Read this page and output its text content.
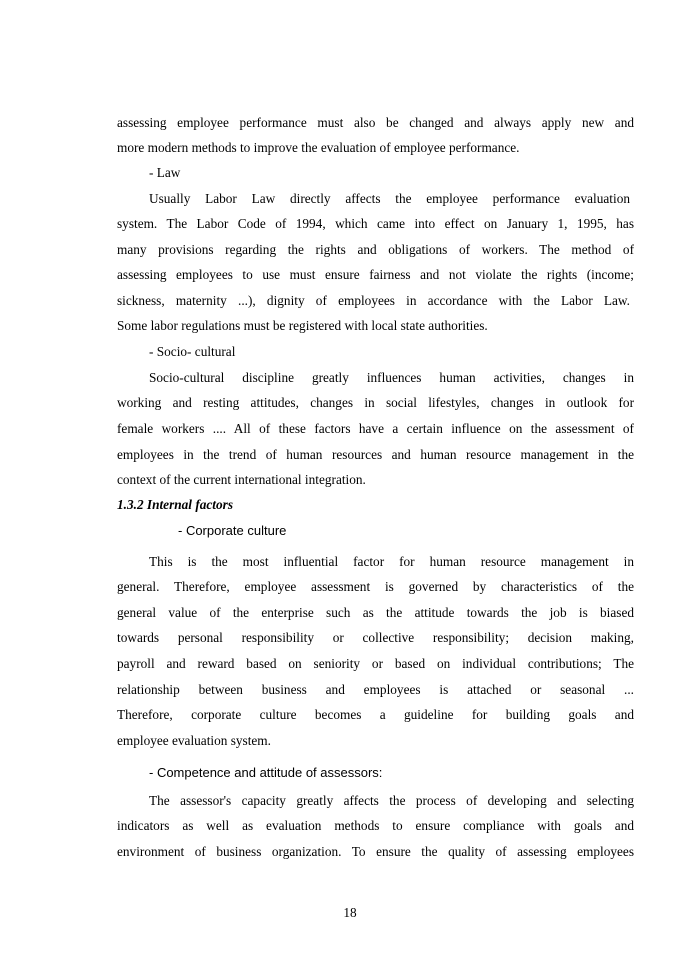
assessing employee performance must also be changed and always apply new and
more modern methods to improve the evaluation of employee performance.
- Law
Usually Labor Law directly affects the employee performance evaluation
system. The Labor Code of 1994, which came into effect on January 1, 1995, has
many provisions regarding the rights and obligations of workers. The method of
assessing employees to use must ensure fairness and not violate the rights (income;
sickness, maternity ...), dignity of employees in accordance with the Labor Law.
Some labor regulations must be registered with local state authorities.
- Socio- cultural
Socio-cultural discipline greatly influences human activities, changes in
working and resting attitudes, changes in social lifestyles, changes in outlook for
female workers .... All of these factors have a certain influence on the assessment of
employees in the trend of human resources and human resource management in the
context of the current international integration.
1.3.2 Internal factors
- Corporate culture
This is the most influential factor for human resource management in
general. Therefore, employee assessment is governed by characteristics of the
general value of the enterprise such as the attitude towards the job is biased
towards personal responsibility or collective responsibility; decision making,
payroll and reward based on seniority or based on individual contributions; The
relationship between business and employees is attached or seasonal ...
Therefore, corporate culture becomes a guideline for building goals and
employee evaluation system.
- Competence and attitude of assessors:
The assessor's capacity greatly affects the process of developing and selecting
indicators as well as evaluation methods to ensure compliance with goals and
environment of business organization. To ensure the quality of assessing employees
18
